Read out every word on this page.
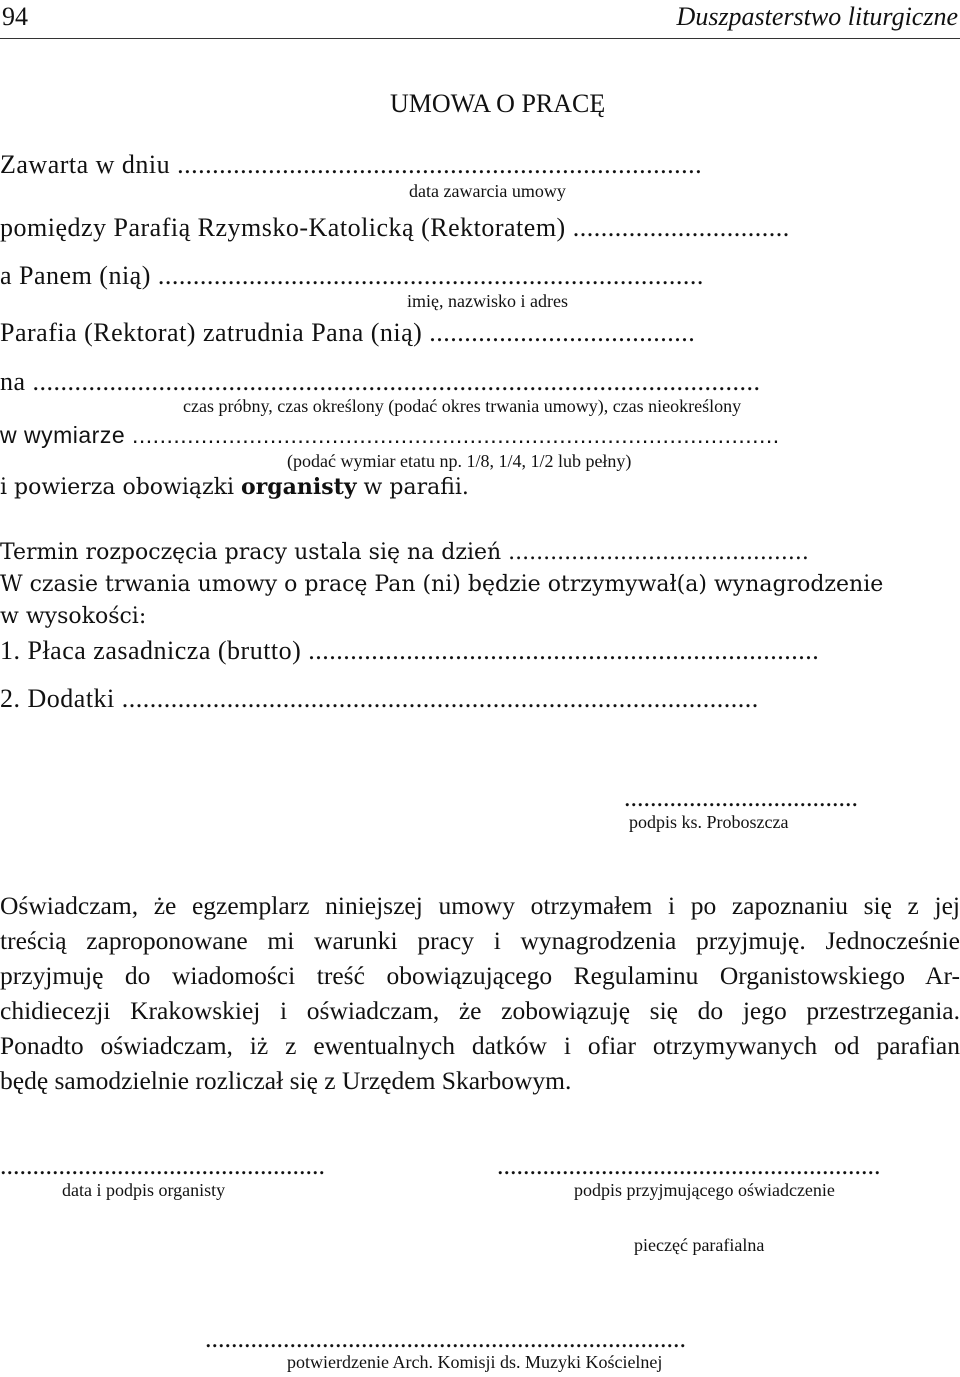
94	Duszpasterstwo liturgiczne
UMOWA O PRACĘ
Zawarta w dniu ...........................................................................
data zawarcia umowy
pomiędzy Parafią Rzymsko-Katolicką (Rektoratem) ...............................
a Panem (nią) ..............................................................................
imię, nazwisko i adres
Parafia (Rektorat) zatrudnia Pana (nią) ......................................
na ........................................................................................................
czas próbny, czas określony (podać okres trwania umowy), czas nieokreślony
w wymiarze ..............................................................................................
(podać wymiar etatu np. 1/8, 1/4, 1/2 lub pełny)
i powierza obowiązki organisty w parafii.
Termin rozpoczęcia pracy ustala się na dzień ...........................................
W czasie trwania umowy o pracę Pan (ni) będzie otrzymywał(a) wynagrodzenie
w wysokości:
1. Płaca zasadnicza (brutto) .........................................................................
2. Dodatki ...........................................................................................
....................................
podpis ks. Proboszcza

Oświadczam, że egzemplarz niniejszej umowy otrzymałem i po zapoznaniu się z jej

treścią zaproponowane mi warunki pracy i wynagrodzenia przyjmuję. Jednocześnie

przyjmuję do wiadomości treść obowiązującego Regulaminu Organistowskiego Ar-

chidiecezji Krakowskiej i oświadczam, że zobowiązuję się do jego przestrzegania.

Ponadto oświadczam, iż z ewentualnych datków i ofiar otrzymywanych od parafian

będę samodzielnie rozliczał się z Urzędem Skarbowym.

..................................................
data i podpis organisty
...........................................................
podpis przyjmującego oświadczenie
pieczęć parafialna
..........................................................................
potwierdzenie Arch. Komisji ds. Muzyki Kościelnej
